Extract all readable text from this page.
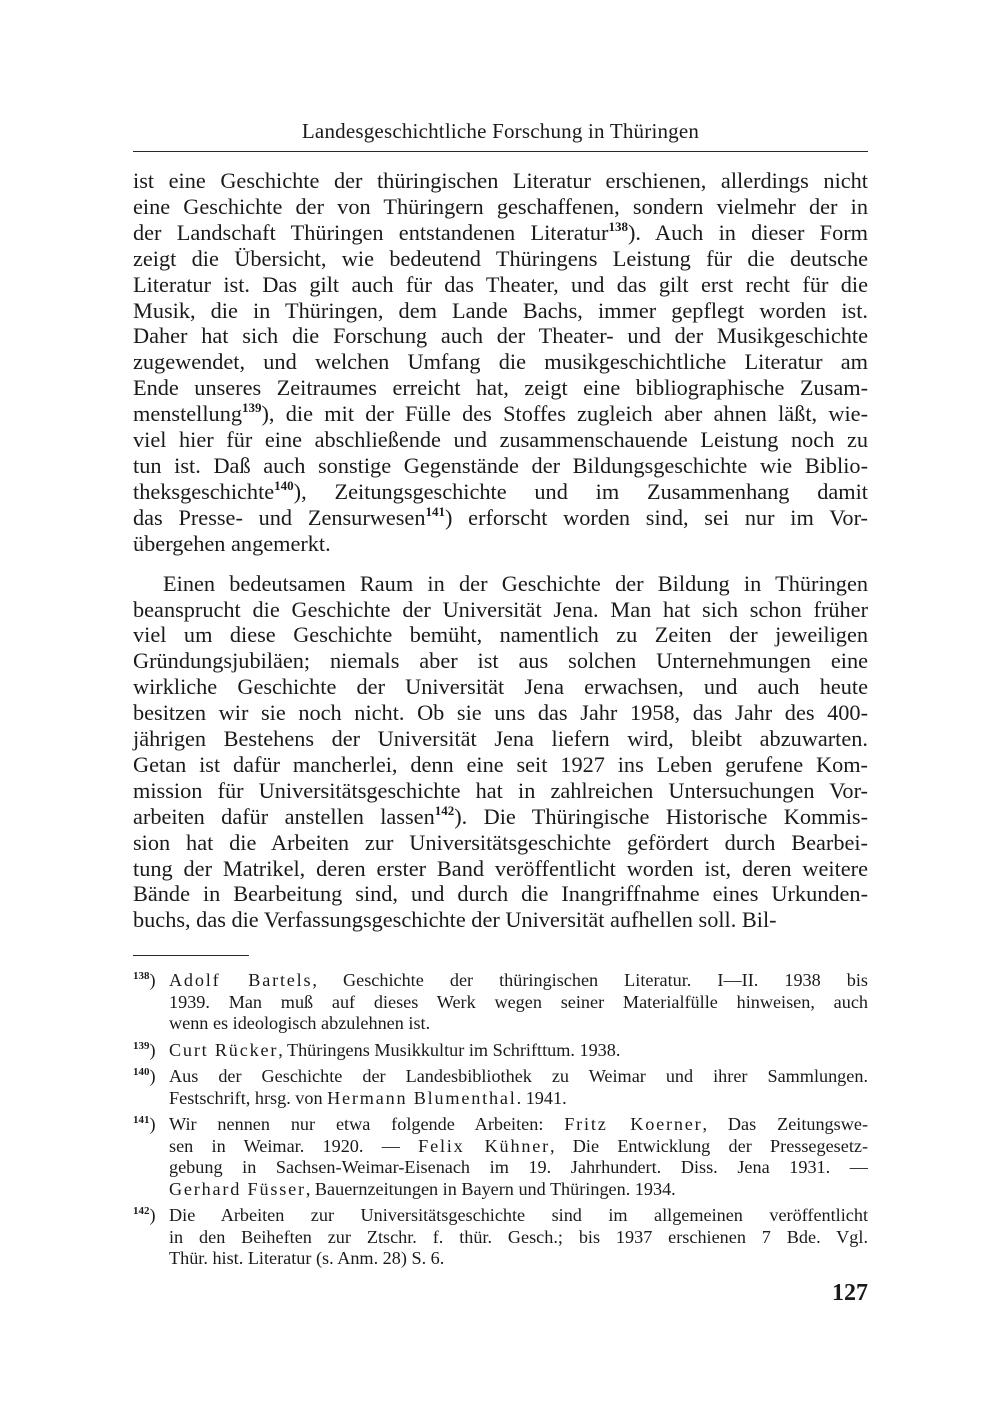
Landesgeschichtliche Forschung in Thüringen
ist eine Geschichte der thüringischen Literatur erschienen, allerdings nicht
eine Geschichte der von Thüringern geschaffenen, sondern vielmehr der in
der Landschaft Thüringen entstandenen Literatur$^{138}$). Auch in dieser Form
zeigt die Übersicht, wie bedeutend Thüringens Leistung für die deutsche
Literatur ist. Das gilt auch für das Theater, und das gilt erst recht für die
Musik, die in Thüringen, dem Lande Bachs, immer gepflegt worden ist.
Daher hat sich die Forschung auch der Theater- und der Musikgeschichte
zugewendet, und welchen Umfang die musikgeschichtliche Literatur am
Ende unseres Zeitraumes erreicht hat, zeigt eine bibliographische Zusam-
menstellung$^{139}$), die mit der Fülle des Stoffes zugleich aber ahnen läßt, wie-
viel hier für eine abschließende und zusammenschauende Leistung noch zu
tun ist. Daß auch sonstige Gegenstände der Bildungsgeschichte wie Biblio-
theksgeschichte$^{140}$), Zeitungsgeschichte und im Zusammenhang damit
das Presse- und Zensurwesen$^{141}$) erforscht worden sind, sei nur im Vor-
übergehen angemerkt.
Einen bedeutsamen Raum in der Geschichte der Bildung in Thüringen
beansprucht die Geschichte der Universität Jena. Man hat sich schon früher
viel um diese Geschichte bemüht, namentlich zu Zeiten der jeweiligen
Gründungsjubiläen; niemals aber ist aus solchen Unternehmungen eine
wirkliche Geschichte der Universität Jena erwachsen, und auch heute
besitzen wir sie noch nicht. Ob sie uns das Jahr 1958, das Jahr des 400-
jährigen Bestehens der Universität Jena liefern wird, bleibt abzuwarten.
Getan ist dafür mancherlei, denn eine seit 1927 ins Leben gerufene Kom-
mission für Universitätsgeschichte hat in zahlreichen Untersuchungen Vor-
arbeiten dafür anstellen lassen$^{142}$). Die Thüringische Historische Kommis-
sion hat die Arbeiten zur Universitätsgeschichte gefördert durch Bearbei-
tung der Matrikel, deren erster Band veröffentlicht worden ist, deren weitere
Bände in Bearbeitung sind, und durch die Inangriffnahme eines Urkunden-
buchs, das die Verfassungsgeschichte der Universität aufhellen soll. Bil-
$^{138}$) Adolf Bartels, Geschichte der thüringischen Literatur. I—II. 1938 bis
1939. Man muß auf dieses Werk wegen seiner Materialfülle hinweisen, auch
wenn es ideologisch abzulehnen ist.
$^{139}$) Curt Rücker, Thüringens Musikkultur im Schrifttum. 1938.
$^{140}$) Aus der Geschichte der Landesbibliothek zu Weimar und ihrer Sammlungen.
Festschrift, hrsg. von Hermann Blumenthal. 1941.
$^{141}$) Wir nennen nur etwa folgende Arbeiten: Fritz Koerner, Das Zeitungswe-
sen in Weimar. 1920. — Felix Kühner, Die Entwicklung der Pressegesetz-
gebung in Sachsen-Weimar-Eisenach im 19. Jahrhundert. Diss. Jena 1931. —
Gerhard Füsser, Bauernzeitungen in Bayern und Thüringen. 1934.
$^{142}$) Die Arbeiten zur Universitätsgeschichte sind im allgemeinen veröffentlicht
in den Beiheften zur Ztschr. f. thür. Gesch.; bis 1937 erschienen 7 Bde. Vgl.
Thür. hist. Literatur (s. Anm. 28) S. 6.
127
